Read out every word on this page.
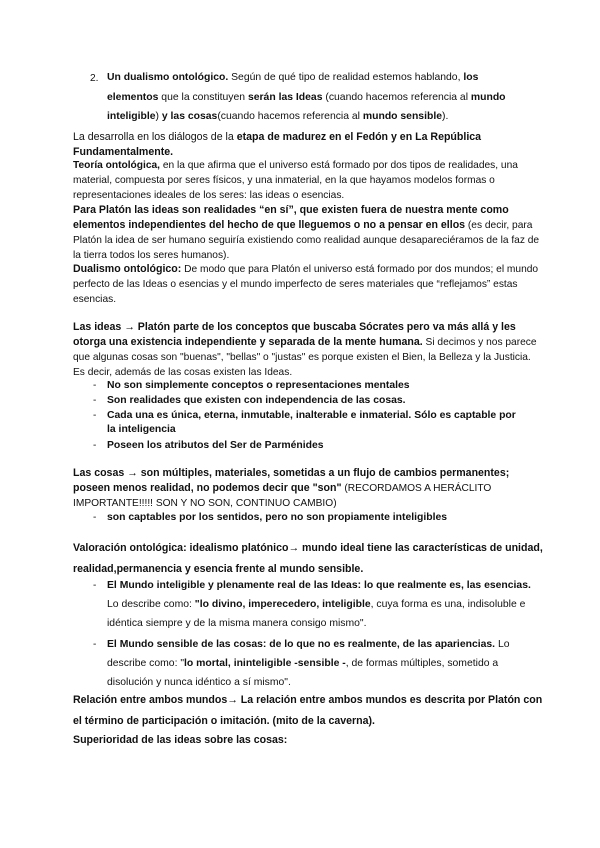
2. Un dualismo ontológico. Según de qué tipo de realidad estemos hablando, los elementos que la constituyen serán las Ideas (cuando hacemos referencia al mundo inteligible) y las cosas(cuando hacemos referencia al mundo sensible).
La desarrolla en los diálogos de la etapa de madurez en el Fedón y en La República Fundamentalmente.
Teoría ontológica, en la que afirma que el universo está formado por dos tipos de realidades, una material, compuesta por seres físicos, y una inmaterial, en la que hayamos modelos formas o representaciones ideales de los seres: las ideas o esencias.
Para Platón las ideas son realidades “en sí”, que existen fuera de nuestra mente como elementos independientes del hecho de que lleguemos o no a pensar en ellos (es decir, para Platón la idea de ser humano seguiría existiendo como realidad aunque desapareciéramos de la faz de la tierra todos los seres humanos).
Dualismo ontológico: De modo que para Platón el universo está formado por dos mundos; el mundo perfecto de las Ideas o esencias y el mundo imperfecto de seres materiales que “reflejamos” estas esencias.
Las ideas → Platón parte de los conceptos que buscaba Sócrates pero va más allá y les otorga una existencia independiente y separada de la mente humana. Si decimos y nos parece que algunas cosas son "buenas", "bellas" o "justas" es porque existen el Bien, la Belleza y la Justicia. Es decir, además de las cosas existen las Ideas.
- No son simplemente conceptos o representaciones mentales
- Son realidades que existen con independencia de las cosas.
- Cada una es única, eterna, inmutable, inalterable e inmaterial. Sólo es captable por la inteligencia
- Poseen los atributos del Ser de Parménides
Las cosas → son múltiples, materiales, sometidas a un flujo de cambios permanentes; poseen menos realidad, no podemos decir que "son" (RECORDAMOS A HERÁCLITO IMPORTANTE!!!!! SON Y NO SON, CONTINUO CAMBIO)
- son captables por los sentidos, pero no son propiamente inteligibles
Valoración ontológica: idealismo platónico→ mundo ideal tiene las características de unidad, realidad,permanencia y esencia frente al mundo sensible.
- El Mundo inteligible y plenamente real de las Ideas: lo que realmente es, las esencias. Lo describe como: "lo divino, imperecedero, inteligible, cuya forma es una, indisoluble e idéntica siempre y de la misma manera consigo mismo".
- El Mundo sensible de las cosas: de lo que no es realmente, de las apariencias. Lo describe como: "lo mortal, ininteligible -sensible -, de formas múltiples, sometido a disolución y nunca idéntico a sí mismo".
Relación entre ambos mundos→ La relación entre ambos mundos es descrita por Platón con el término de participación o imitación. (mito de la caverna).
Superioridad de las ideas sobre las cosas:
